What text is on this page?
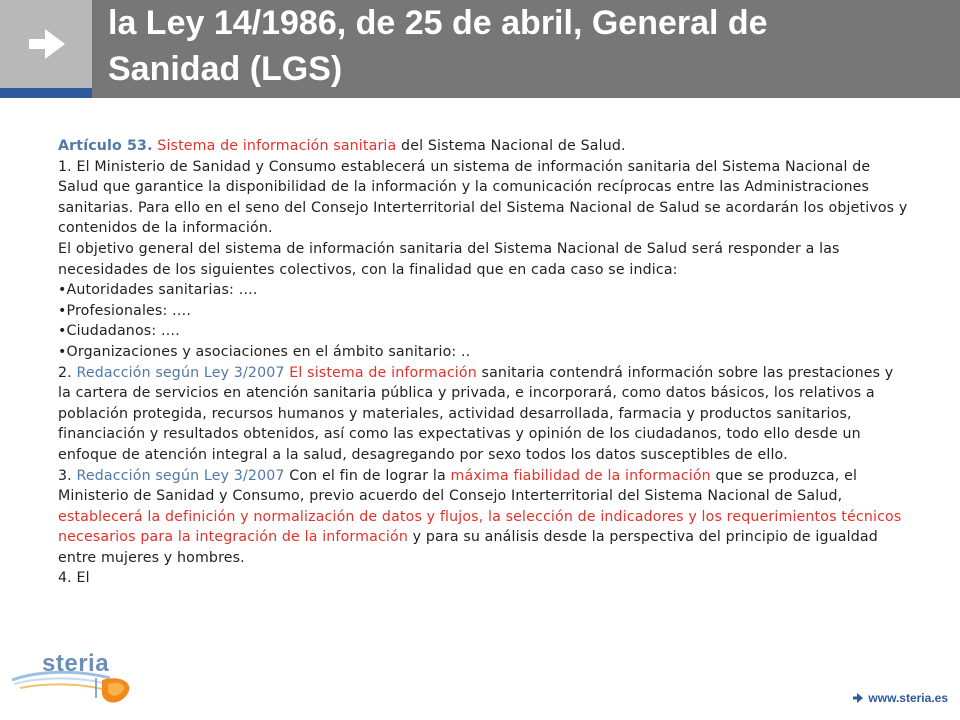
la Ley 14/1986, de 25 de abril, General de
Sanidad (LGS)

Artículo 53. Sistema de información sanitaria del Sistema Nacional de Salud.

1. El Ministerio de Sanidad y Consumo establecerá un sistema de información sanitaria del Sistema Nacional de Salud que garantice la disponibilidad de la información y la comunicación recíprocas entre las Administraciones sanitarias. Para ello en el seno del Consejo Interterritorial del Sistema Nacional de Salud se acordarán los objetivos y contenidos de la información.

El objetivo general del sistema de información sanitaria del Sistema Nacional de Salud será responder a las necesidades de los siguientes colectivos, con la finalidad que en cada caso se indica:

•Autoridades sanitarias: ….

•Profesionales: ….

•Ciudadanos: ….

•Organizaciones y asociaciones en el ámbito sanitario: ..

2. Redacción según Ley 3/2007 El sistema de información sanitaria contendrá información sobre las prestaciones y la cartera de servicios en atención sanitaria pública y privada, e incorporará, como datos básicos, los relativos a población protegida, recursos humanos y materiales, actividad desarrollada, farmacia y productos sanitarios, financiación y resultados obtenidos, así como las expectativas y opinión de los ciudadanos, todo ello desde un enfoque de atención integral a la salud, desagregando por sexo todos los datos susceptibles de ello.

3. Redacción según Ley 3/2007 Con el fin de lograr la máxima fiabilidad de la información que se produzca, el Ministerio de Sanidad y Consumo, previo acuerdo del Consejo Interterritorial del Sistema Nacional de Salud, establecerá la definición y normalización de datos y flujos, la selección de indicadores y los requerimientos técnicos necesarios para la integración de la información y para su análisis desde la perspectiva del principio de igualdad entre mujeres y hombres.

4. El

steria
www.steria.es
